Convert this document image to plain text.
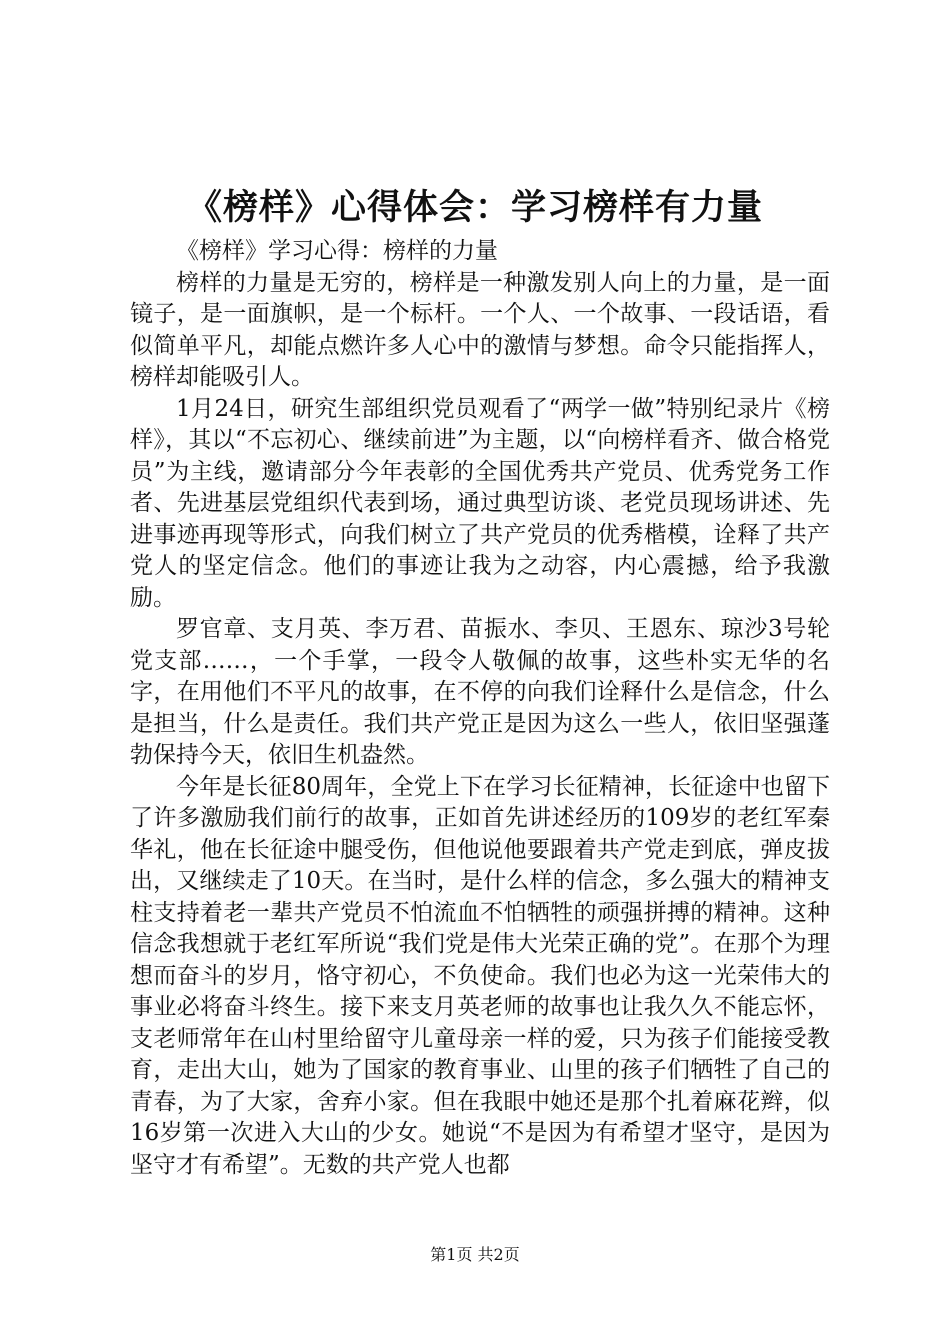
《榜样》心得体会：学习榜样有力量

《榜样》学习心得：榜样的力量

榜样的力量是无穷的，榜样是一种激发别人向上的力量，是一面镜子，是一面旗帜，是一个标杆。一个人、一个故事、一段话语，看似简单平凡，却能点燃许多人心中的激情与梦想。命令只能指挥人，榜样却能吸引人。

1月24日，研究生部组织党员观看了“两学一做”特别纪录片《榜样》，其以“不忘初心、继续前进”为主题，以“向榜样看齐、做合格党员”为主线，邀请部分今年表彰的全国优秀共产党员、优秀党务工作者、先进基层党组织代表到场，通过典型访谈、老党员现场讲述、先进事迹再现等形式，向我们树立了共产党员的优秀楷模，诠释了共产党人的坚定信念。他们的事迹让我为之动容，内心震撼，给予我激励。

罗官章、支月英、李万君、苗振水、李贝、王恩东、琼沙3号轮党支部……，一个手掌，一段令人敬佩的故事，这些朴实无华的名字，在用他们不平凡的故事，在不停的向我们诠释什么是信念，什么是担当，什么是责任。我们共产党正是因为这么一些人，依旧坚强蓬勃保持今天，依旧生机盎然。

今年是长征80周年，全党上下在学习长征精神，长征途中也留下了许多激励我们前行的故事，正如首先讲述经历的109岁的老红军秦华礼，他在长征途中腿受伤，但他说他要跟着共产党走到底，弹皮拔出，又继续走了10天。在当时，是什么样的信念，多么强大的精神支柱支持着老一辈共产党员不怕流血不怕牺牲的顽强拼搏的精神。这种信念我想就于老红军所说“我们党是伟大光荣正确的党”。在那个为理想而奋斗的岁月，恪守初心，不负使命。我们也必为这一光荣伟大的事业必将奋斗终生。接下来支月英老师的故事也让我久久不能忘怀，支老师常年在山村里给留守儿童母亲一样的爱，只为孩子们能接受教育，走出大山，她为了国家的教育事业、山里的孩子们牺牲了自己的青春，为了大家，舍弃小家。但在我眼中她还是那个扎着麻花辫，似16岁第一次进入大山的少女。她说“不是因为有希望才坚守，是因为坚守才有希望”。无数的共产党人也都

第1页 共2页
